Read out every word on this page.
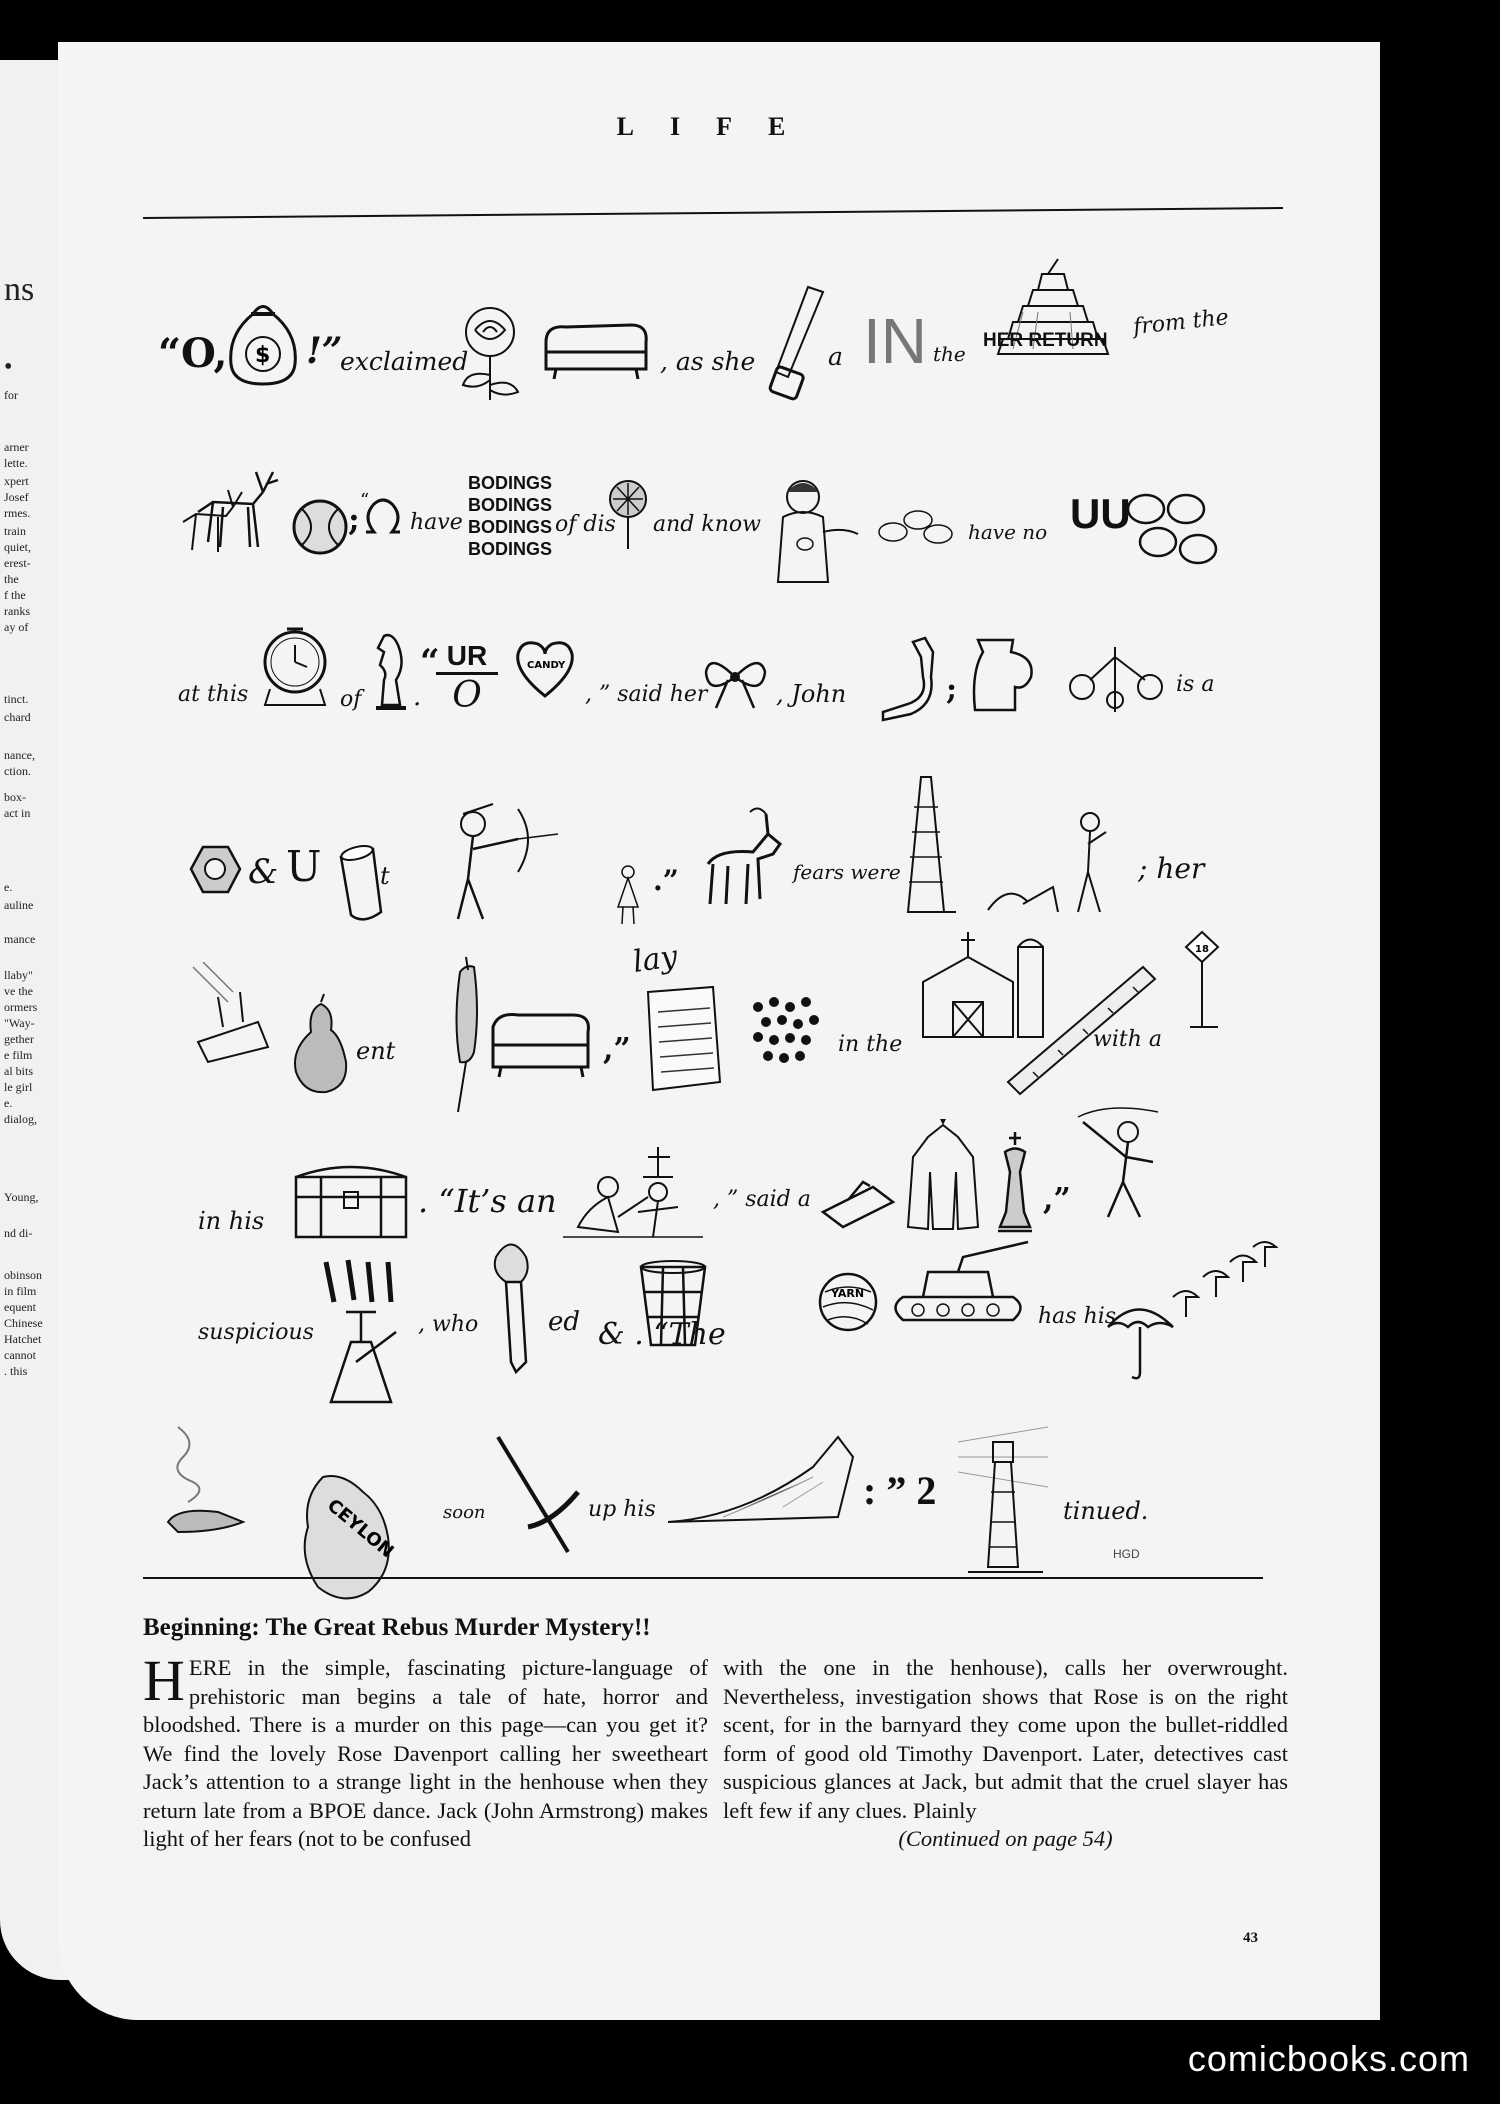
ns
•
for
arner
lette.
xpert
Josef
rmes.
train
quiet,
erest-
the
f the
ranks
ay of
tinct.
chard
nance,
ction.
box-
act in
e.
auline
mance
llaby"
ve the
ormers
"Way-
gether
e film
al bits
le girl
e.
dialog,
Young,
nd di-
obinson
in film
equent
Chinese
Hatchet
cannot
. this
LIFE
“O, $ !”
exclaimed	, as she	a IN the
HER RETURN
from the
; “
have
BODINGS
BODINGS
BODINGS
BODINGS
of dis and know	have no UU
at this	of .
“ UR
O
CANDY
, ” said her	, John	;	is a
& U t	.”	fears were	; her
ent	,”
lay
in the	with a
18
in his
. “It’s an	, ” said a	,”
suspicious	, who	ed & . “The
YARN
has his
CEYLON	soon	up his	: ” 2	tinued.
HGD
Beginning: The Great Rebus Murder Mystery!!
HERE in the simple, fascinating picture-language of prehistoric man begins a tale of hate, horror and bloodshed. There is a murder on this page—can you get it? We find the lovely Rose Davenport calling her sweetheart Jack’s attention to a strange light in the henhouse when they return late from a BPOE dance. Jack (John Armstrong) makes light of her fears (not to be confused
with the one in the henhouse), calls her overwrought. Nevertheless, investigation shows that Rose is on the right scent, for in the barnyard they come upon the bullet-riddled form of good old Timothy Davenport. Later, detectives cast suspicious glances at Jack, but admit that the cruel slayer has left few if any clues. Plainly
(Continued on page 54)
43
comicbooks.com
